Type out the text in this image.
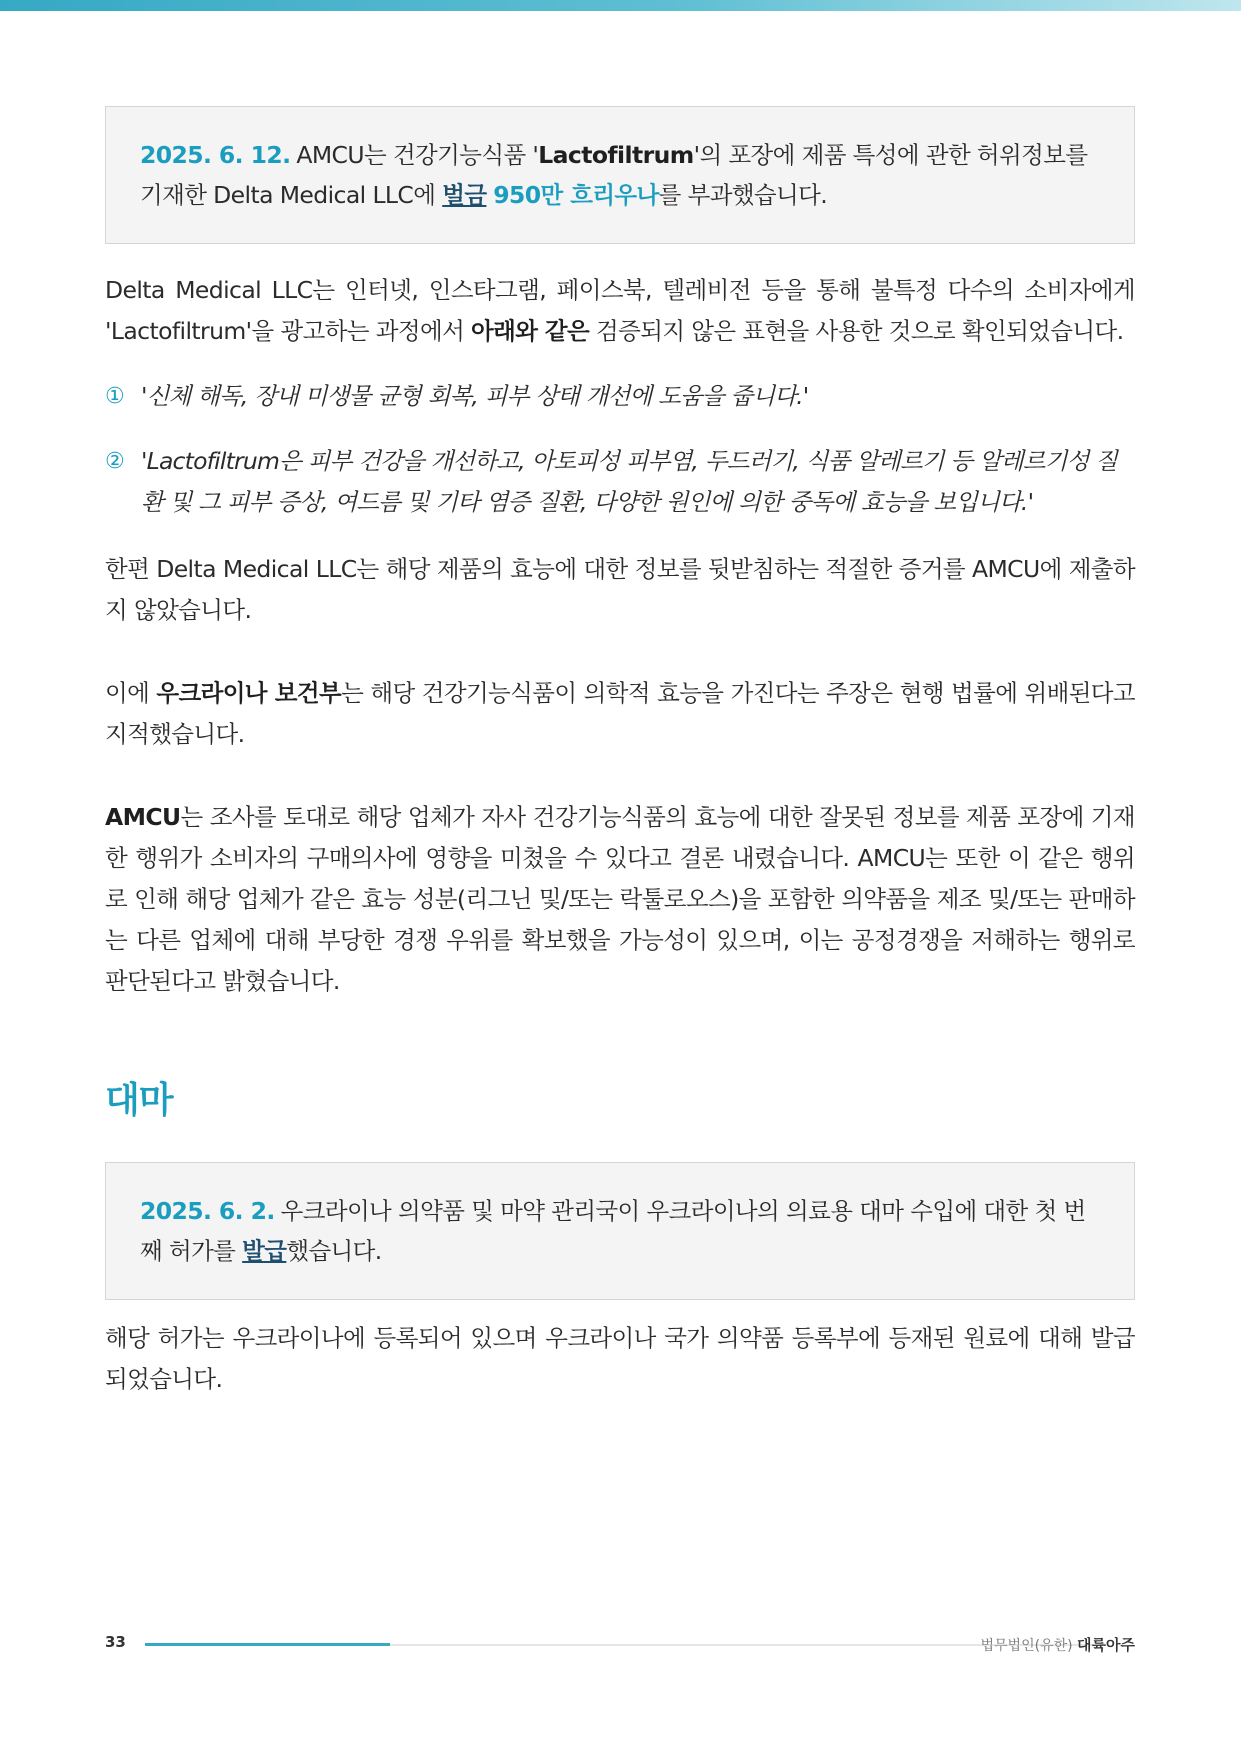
2025. 6. 12. AMCU는 건강기능식품 'Lactofiltrum'의 포장에 제품 특성에 관한 허위정보를 기재한 Delta Medical LLC에 벌금 950만 흐리우나를 부과했습니다.

Delta Medical LLC는 인터넷, 인스타그램, 페이스북, 텔레비전 등을 통해 불특정 다수의 소비자에게 'Lactofiltrum'을 광고하는 과정에서 아래와 같은 검증되지 않은 표현을 사용한 것으로 확인되었습니다.

① '신체 해독, 장내 미생물 균형 회복, 피부 상태 개선에 도움을 줍니다.'
② 'Lactofiltrum은 피부 건강을 개선하고, 아토피성 피부염, 두드러기, 식품 알레르기 등 알레르기성 질환 및 그 피부 증상, 여드름 및 기타 염증 질환, 다양한 원인에 의한 중독에 효능을 보입니다.'

한편 Delta Medical LLC는 해당 제품의 효능에 대한 정보를 뒷받침하는 적절한 증거를 AMCU에 제출하지 않았습니다.

이에 우크라이나 보건부는 해당 건강기능식품이 의학적 효능을 가진다는 주장은 현행 법률에 위배된다고 지적했습니다.

AMCU는 조사를 토대로 해당 업체가 자사 건강기능식품의 효능에 대한 잘못된 정보를 제품 포장에 기재한 행위가 소비자의 구매의사에 영향을 미쳤을 수 있다고 결론 내렸습니다. AMCU는 또한 이 같은 행위로 인해 해당 업체가 같은 효능 성분(리그닌 및/또는 락툴로오스)을 포함한 의약품을 제조 및/또는 판매하는 다른 업체에 대해 부당한 경쟁 우위를 확보했을 가능성이 있으며, 이는 공정경쟁을 저해하는 행위로 판단된다고 밝혔습니다.

대마
2025. 6. 2. 우크라이나 의약품 및 마약 관리국이 우크라이나의 의료용 대마 수입에 대한 첫 번째 허가를 발급했습니다.

해당 허가는 우크라이나에 등록되어 있으며 우크라이나 국가 의약품 등록부에 등재된 원료에 대해 발급되었습니다.

33	법무법인(유한) 대륙아주
